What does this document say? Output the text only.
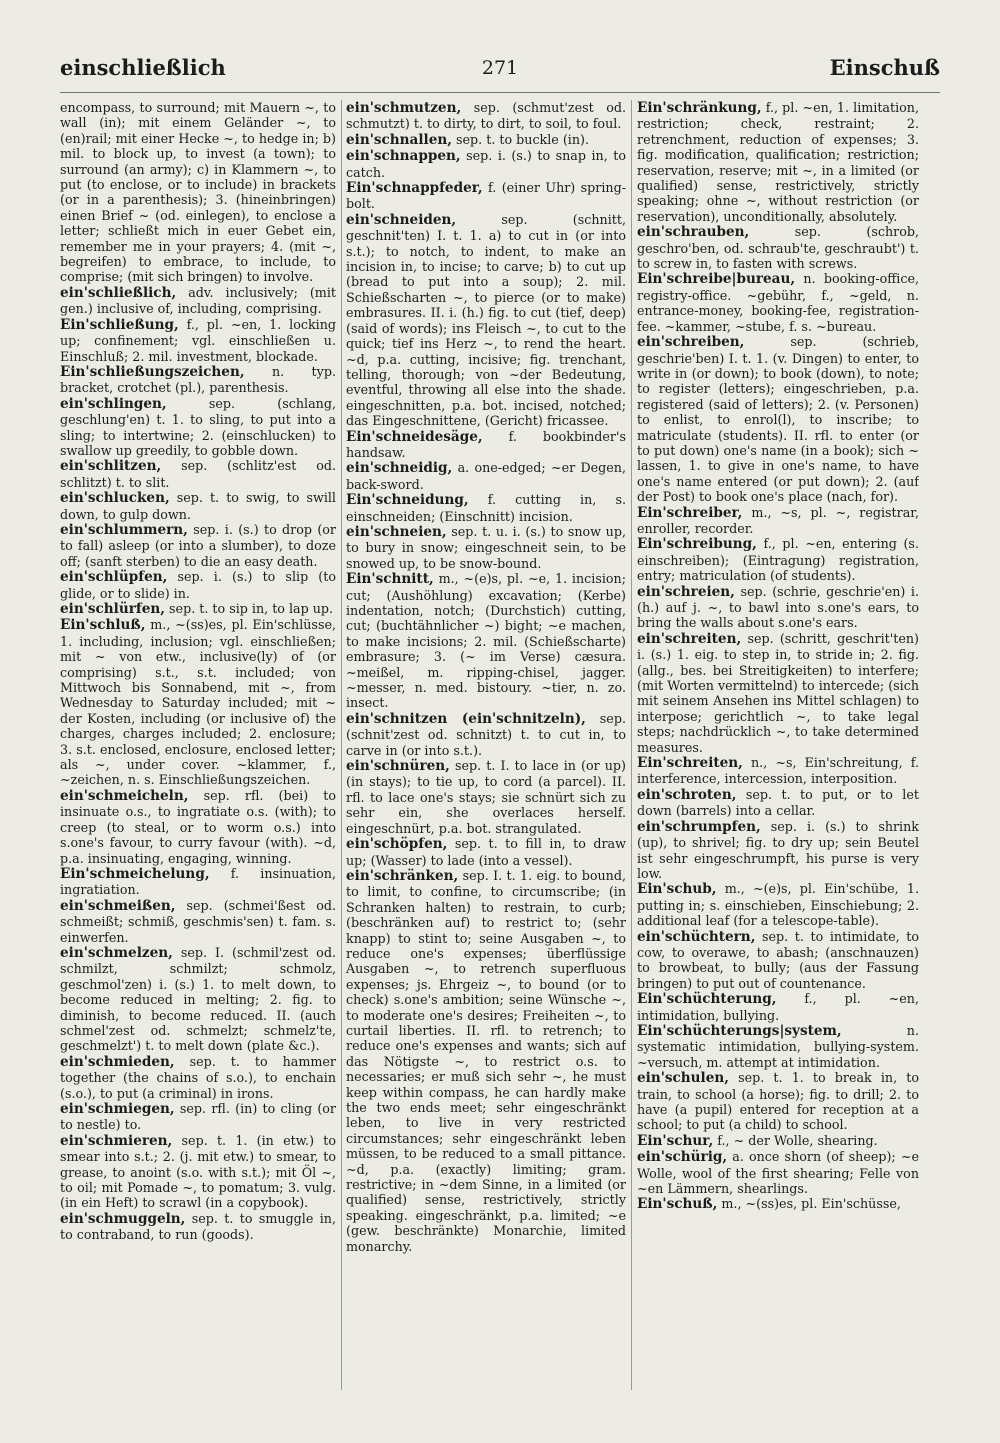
einschließlich	271	Einschuß

encompass, to surround; mit Mauern ~, to wall (in); mit einem Geländer ~, to (en)rail; mit einer Hecke ~, to hedge in; b) mil. to block up, to invest (a town); to surround (an army); c) in Klammern ~, to put (to enclose, or to include) in brackets (or in a parenthesis); 3. (hineinbringen) einen Brief ~ (od. einlegen), to enclose a letter; schließt mich in euer Gebet ein, remember me in your prayers; 4. (mit ~, begreifen) to embrace, to include, to comprise; (mit sich bringen) to involve.

ein'schließlich, adv. inclusively; (mit gen.) inclusive of, including, comprising.

Ein'schließung, f., pl. ~en, 1. locking up; confinement; vgl. einschließen u. Einschluß; 2. mil. investment, blockade.

Ein'schließungszeichen, n. typ. bracket, crotchet (pl.), parenthesis.

ein'schlingen,	sep. (schlang, geschlung'en) t. 1. to sling, to put into a sling; to intertwine; 2. (einschlucken) to swallow up greedily, to gobble down.

ein'schlitzen, sep. (schlitz'est od. schlitzt) t. to slit.

ein'schlucken, sep. t. to swig, to swill down, to gulp down.

ein'schlummern, sep. i. (s.) to drop (or to fall) asleep (or into a slumber), to doze off; (sanft sterben) to die an easy death.

ein'schlüpfen, sep. i. (s.) to slip (to glide, or to slide) in.

ein'schlürfen, sep. t. to sip in, to lap up.

Ein'schluß, m., ~(ss)es, pl. Ein'schlüsse, 1. including, inclusion; vgl. einschließen; mit ~ von etw., inclusive(ly) of (or comprising) s.t., s.t. included; von Mittwoch bis Sonnabend, mit ~, from Wednesday to Saturday included; mit ~ der Kosten, including (or inclusive of) the charges, charges included; 2. enclosure; 3. s.t. enclosed, enclosure, enclosed letter; als ~, under cover. ~klammer, f., ~zeichen, n. s. Einschließungszeichen.

ein'schmeicheln, sep. rfl. (bei) to insinuate o.s., to ingratiate o.s. (with); to creep (to steal, or to worm o.s.) into s.one's favour, to curry favour (with). ~d, p.a. insinuating, engaging, winning.

Ein'schmeichelung, f. insinuation, ingratiation.

ein'schmeißen, sep. (schmei'ßest od. schmeißt; schmiß, geschmis'sen) t. fam. s. einwerfen.

ein'schmelzen, sep. I. (schmil'zest od. schmilzt, schmilzt; schmolz, geschmol'zen) i. (s.) 1. to melt down, to become reduced in melting; 2. fig. to diminish, to become reduced. II. (auch schmel'zest od. schmelzt; schmelz'te, geschmelzt') t. to melt down (plate &c.).

ein'schmieden, sep. t. to hammer together (the chains of s.o.), to enchain (s.o.), to put (a criminal) in irons.

ein'schmiegen, sep. rfl. (in) to cling (or to nestle) to.

ein'schmieren, sep. t. 1. (in etw.) to smear into s.t.; 2. (j. mit etw.) to smear, to grease, to anoint (s.o. with s.t.); mit Öl ~, to oil; mit Pomade ~, to pomatum; 3. vulg. (in ein Heft) to scrawl (in a copybook).

ein'schmuggeln, sep. t. to smuggle in, to contraband, to run (goods).

ein'schmutzen, sep. (schmut'zest od. schmutzt) t. to dirty, to dirt, to soil, to foul.

ein'schnallen, sep. t. to buckle (in).

ein'schnappen, sep. i. (s.) to snap in, to catch.

Ein'schnappfeder, f. (einer Uhr) spring-bolt.

ein'schneiden,	sep. (schnitt, geschnit'ten) I. t. 1. a) to cut in (or into s.t.); to notch, to indent, to make an incision in, to incise; to carve; b) to cut up (bread to put into a soup); 2. mil. Schießscharten ~, to pierce (or to make) embrasures. II. i. (h.) fig. to cut (tief, deep) (said of words); ins Fleisch ~, to cut to the quick; tief ins Herz ~, to rend the heart. ~d, p.a. cutting, incisive; fig. trenchant, telling, thorough; von ~der Bedeutung, eventful, throwing all else into the shade. eingeschnitten, p.a. bot. incised, notched; das Eingeschnittene, (Gericht) fricassee.

Ein'schneidesäge, f. bookbinder's handsaw.

ein'schneidig, a. one-edged; ~er Degen, back-sword.

Ein'schneidung, f. cutting in, s. einschneiden; (Einschnitt) incision.

ein'schneien, sep. t. u. i. (s.) to snow up, to bury in snow; eingeschneit sein, to be snowed up, to be snow-bound.

Ein'schnitt, m., ~(e)s, pl. ~e, 1. incision; cut; (Aushöhlung) excavation; (Kerbe) indentation, notch; (Durchstich) cutting, cut; (buchtähnlicher ~) bight; ~e machen, to make incisions; 2. mil. (Schießscharte) embrasure; 3. (~ im Verse) cæsura. ~meißel, m. ripping-chisel, jagger. ~messer, n. med. bistoury. ~tier, n. zo. insect.

ein'schnitzen (ein'schnitzeln), sep. (schnit'zest od. schnitzt) t. to cut in, to carve in (or into s.t.).

ein'schnüren, sep. t. I. to lace in (or up) (in stays); to tie up, to cord (a parcel). II. rfl. to lace one's stays; sie schnürt sich zu sehr ein, she overlaces herself. eingeschnürt, p.a. bot. strangulated.

ein'schöpfen, sep. t. to fill in, to draw up; (Wasser) to lade (into a vessel).

ein'schränken, sep. I. t. 1. eig. to bound, to limit, to confine, to circumscribe; (in Schranken halten) to restrain, to curb; (beschränken auf) to restrict to; (sehr knapp) to stint to; seine Ausgaben ~, to reduce one's expenses; überflüssige Ausgaben ~, to retrench superfluous expenses; js. Ehrgeiz ~, to bound (or to check) s.one's ambition; seine Wünsche ~, to moderate one's desires; Freiheiten ~, to curtail liberties. II. rfl. to retrench; to reduce one's expenses and wants; sich auf das Nötigste ~, to restrict o.s. to necessaries; er muß sich sehr ~, he must keep within compass, he can hardly make the two ends meet; sehr eingeschränkt leben, to live in very restricted circumstances; sehr eingeschränkt leben müssen, to be reduced to a small pittance. ~d, p.a. (exactly) limiting; gram. restrictive; in ~dem Sinne, in a limited (or qualified) sense, restrictively, strictly speaking. eingeschränkt, p.a. limited; ~e (gew. beschränkte) Monarchie, limited monarchy.

Ein'schränkung, f., pl. ~en, 1. limitation, restriction; check, restraint; 2. retrenchment, reduction of expenses; 3. fig. modification, qualification; restriction; reservation, reserve; mit ~, in a limited (or qualified) sense, restrictively, strictly speaking; ohne ~, without restriction (or reservation), unconditionally, absolutely.

ein'schrauben,	sep. (schrob, geschro'ben, od. schraub'te, geschraubt') t. to screw in, to fasten with screws.

Ein'schreibe|bureau, n. booking-office, registry-office. ~gebühr, f., ~geld, n. entrance-money, booking-fee, registration-fee. ~kammer, ~stube, f. s. ~bureau.

ein'schreiben,	sep. (schrieb, geschrie'ben) I. t. 1. (v. Dingen) to enter, to write in (or down); to book (down), to note; to register (letters); eingeschrieben, p.a. registered (said of letters); 2. (v. Personen) to enlist, to enrol(l), to inscribe; to matriculate (students). II. rfl. to enter (or to put down) one's name (in a book); sich ~ lassen, 1. to give in one's name, to have one's name entered (or put down); 2. (auf der Post) to book one's place (nach, for).

Ein'schreiber, m., ~s, pl. ~, registrar, enroller, recorder.

Ein'schreibung, f., pl. ~en, entering (s. einschreiben); (Eintragung) registration, entry; matriculation (of students).

ein'schreien, sep. (schrie, geschrie'en) i. (h.) auf j. ~, to bawl into s.one's ears, to bring the walls about s.one's ears.

ein'schreiten, sep. (schritt, geschrit'ten) i. (s.) 1. eig. to step in, to stride in; 2. fig. (allg., bes. bei Streitigkeiten) to interfere; (mit Worten vermittelnd) to intercede; (sich mit seinem Ansehen ins Mittel schlagen) to interpose; gerichtlich ~, to take legal steps; nachdrücklich ~, to take determined measures.

Ein'schreiten, n., ~s, Ein'schreitung, f. interference, intercession, interposition.

ein'schroten, sep. t. to put, or to let down (barrels) into a cellar.

ein'schrumpfen, sep. i. (s.) to shrink (up), to shrivel; fig. to dry up; sein Beutel ist sehr eingeschrumpft, his purse is very low.

Ein'schub, m., ~(e)s, pl. Ein'schübe, 1. putting in; s. einschieben, Einschiebung; 2. additional leaf (for a telescope-table).

ein'schüchtern, sep. t. to intimidate, to cow, to overawe, to abash; (anschnauzen) to browbeat, to bully; (aus der Fassung bringen) to put out of countenance.

Ein'schüchterung, f., pl. ~en, intimidation, bullying.

Ein'schüchterungs|system,	n. systematic intimidation, bullying-system. ~versuch, m. attempt at intimidation.

ein'schulen, sep. t. 1. to break in, to train, to school (a horse); fig. to drill; 2. to have (a pupil) entered for reception at a school; to put (a child) to school.

Ein'schur, f., ~ der Wolle, shearing.

ein'schürig, a. once shorn (of sheep); ~e Wolle, wool of the first shearing; Felle von ~en Lämmern, shearlings.

Ein'schuß, m., ~(ss)es, pl. Ein'schüsse,
